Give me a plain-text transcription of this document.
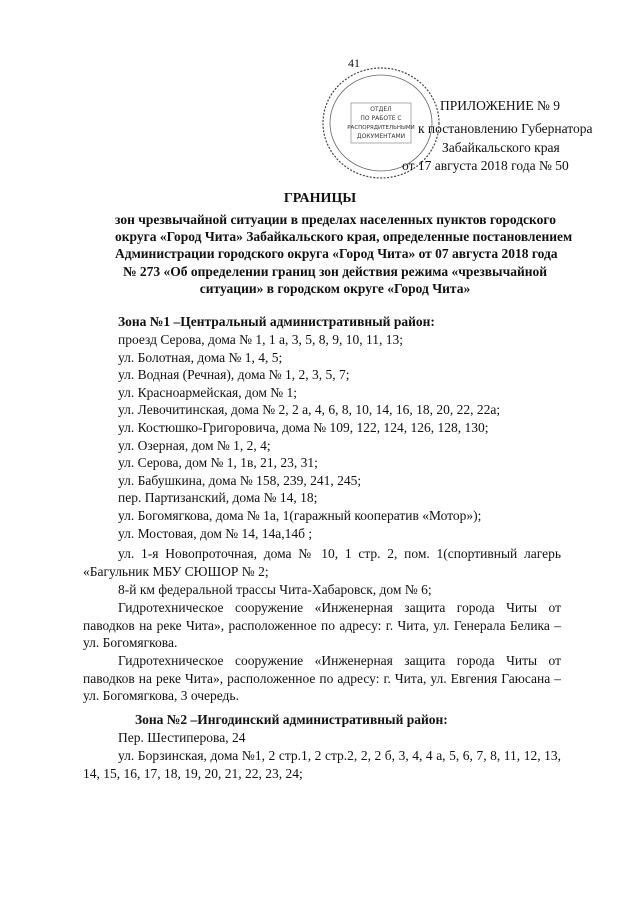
41
ОТДЕЛ
ПО РАБОТЕ С
РАСПОРЯДИТЕЛЬНЫМИ
ДОКУМЕНТАМИ
ПРИЛОЖЕНИЕ № 9
к постановлению Губернатора
Забайкальского края
от 17 августа 2018 года № 50
ГРАНИЦЫ
зон чрезвычайной ситуации в пределах населенных пунктов городского
округа «Город Чита» Забайкальского края, определенные постановлением
Администрации городского округа «Город Чита» от 07 августа 2018 года
№ 273 «Об определении границ зон действия режима «чрезвычайной
ситуации» в городском округе «Город Чита»
Зона №1 –Центральный административный район:
проезд Серова, дома № 1, 1 а, 3, 5, 8, 9, 10, 11, 13;
ул. Болотная, дома № 1, 4, 5;
ул. Водная (Речная), дома № 1, 2, 3, 5, 7;
ул. Красноармейская, дом № 1;
ул. Левочитинская, дома № 2, 2 а, 4, 6, 8, 10, 14, 16, 18, 20, 22, 22а;
ул. Костюшко-Григоровича, дома № 109, 122, 124, 126, 128, 130;
ул. Озерная, дом № 1, 2, 4;
ул. Серова, дом № 1, 1в, 21, 23, 31;
ул. Бабушкина, дома № 158, 239, 241, 245;
пер. Партизанский, дома № 14, 18;
ул. Богомягкова, дома № 1а, 1(гаражный кооператив «Мотор»);
ул. Мостовая, дом № 14, 14а,14б ;
ул. 1-я Новопроточная, дома № 10, 1 стр. 2, пом. 1(спортивный лагерь
«Багульник МБУ СЮШОР № 2;
8-й км федеральной трассы Чита-Хабаровск, дом № 6;
Гидротехническое сооружение «Инженерная защита города Читы от
паводков на реке Чита», расположенное по адресу: г. Чита, ул. Генерала Белика –
ул. Богомягкова.
Гидротехническое сооружение «Инженерная защита города Читы от
паводков на реке Чита», расположенное по адресу: г. Чита, ул. Евгения Гаюсана –
ул. Богомягкова, 3 очередь.
Зона №2 –Ингодинский административный район:
Пер. Шестиперова, 24
ул. Борзинская, дома №1, 2 стр.1, 2 стр.2, 2, 2 б, 3, 4, 4 а, 5, 6, 7, 8, 11, 12, 13,
14, 15, 16, 17, 18, 19, 20, 21, 22, 23, 24;
